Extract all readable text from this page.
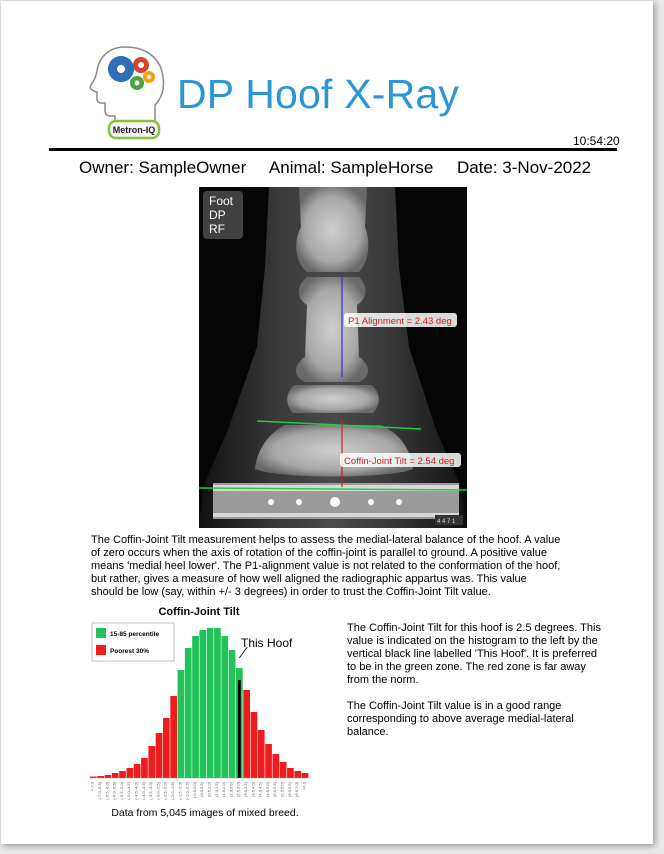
Metron-IQ
DP Hoof X-Ray
10:54:20
Owner: SampleOwner Animal: SampleHorse Date: 3-Nov-2022
P1 Alignment = 2.43 deg
Coffin-Joint Tilt = 2.54 deg
Foot
DP
RF
4 4 7 1
The Coffin-Joint Tilt measurement helps to assess the medial-lateral balance of the hoof. A value of zero occurs when the axis of rotation of the coffin-joint is parallel to ground. A positive value means 'medial heel lower'. The P1-alignment value is not related to the conformation of the hoof, but rather, gives a measure of how well aligned the radiographic appartus was. This value should be low (say, within +/- 3 degrees) in order to trust the Coffin-Joint Tilt value.
Coffin-Joint Tilt
<-7.0 (-7.0,-6.5) (-6.5,-6.0) (-6.0,-5.5) (-5.5,-5.0) (-5.0,-4.5) (-4.5,-4.0) (-4.0,-3.5) (-3.5,-3.0) (-3.0,-2.5) (-2.5,-2.0) (-2.0,-1.5) (-1.5,-1.0) (-1.0,-0.5) (-0.5,0.0) (0.0,0.5) (0.5,1.0) (1.0,1.5) (1.5,2.0) (2.0,2.5) (2.5,3.0) (3.0,3.5) (3.5,4.0) (4.0,4.5) (4.5,5.0) (5.0,5.5) (5.5,6.0) (6.0,6.5) (6.5,7.0) >7.0
This Hoof
15-85 percentile
Poorest 30%
Data from 5,045 images of mixed breed.

The Coffin-Joint Tilt for this hoof is 2.5 degrees. This value is indicated on the histogram to the left by the vertical black line labelled 'This Hoof'. It is preferred to be in the green zone. The red zone is far away from the norm.

The Coffin-Joint Tilt value is in a good range corresponding to above average medial-lateral balance.
